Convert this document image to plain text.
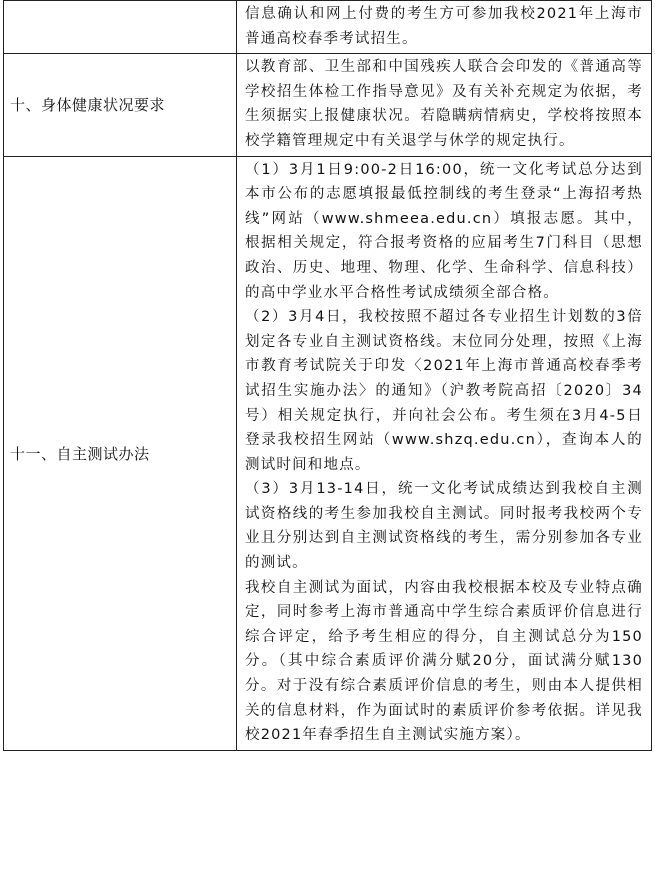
	信息确认和网上付费的考生方可参加我校2021年上海市普通高校春季考试招生。

十、身体健康状况要求	以教育部、卫生部和中国残疾人联合会印发的《普通高等学校招生体检工作指导意见》及有关补充规定为依据，考生须据实上报健康状况。若隐瞒病情病史，学校将按照本校学籍管理规定中有关退学与休学的规定执行。

十一、自主测试办法	（1）3月1日9:00-2日16:00，统一文化考试总分达到本市公布的志愿填报最低控制线的考生登录“上海招考热线”网站（www.shmeea.edu.cn）填报志愿。其中，根据相关规定，符合报考资格的应届考生7门科目（思想政治、历史、地理、物理、化学、生命科学、信息科技）的高中学业水平合格性考试成绩须全部合格。

（2）3月4日，我校按照不超过各专业招生计划数的3倍划定各专业自主测试资格线。末位同分处理，按照《上海市教育考试院关于印发〈2021年上海市普通高校春季考试招生实施办法〉的通知》（沪教考院高招〔2020〕34号）相关规定执行，并向社会公布。考生须在3月4-5日登录我校招生网站（www.shzq.edu.cn），查询本人的测试时间和地点。

（3）3月13-14日，统一文化考试成绩达到我校自主测试资格线的考生参加我校自主测试。同时报考我校两个专业且分别达到自主测试资格线的考生，需分别参加各专业的测试。

我校自主测试为面试，内容由我校根据本校及专业特点确定，同时参考上海市普通高中学生综合素质评价信息进行综合评定，给予考生相应的得分，自主测试总分为150分。（其中综合素质评价满分赋20分，面试满分赋130分。对于没有综合素质评价信息的考生，则由本人提供相关的信息材料，作为面试时的素质评价参考依据。详见我校2021年春季招生自主测试实施方案）。
